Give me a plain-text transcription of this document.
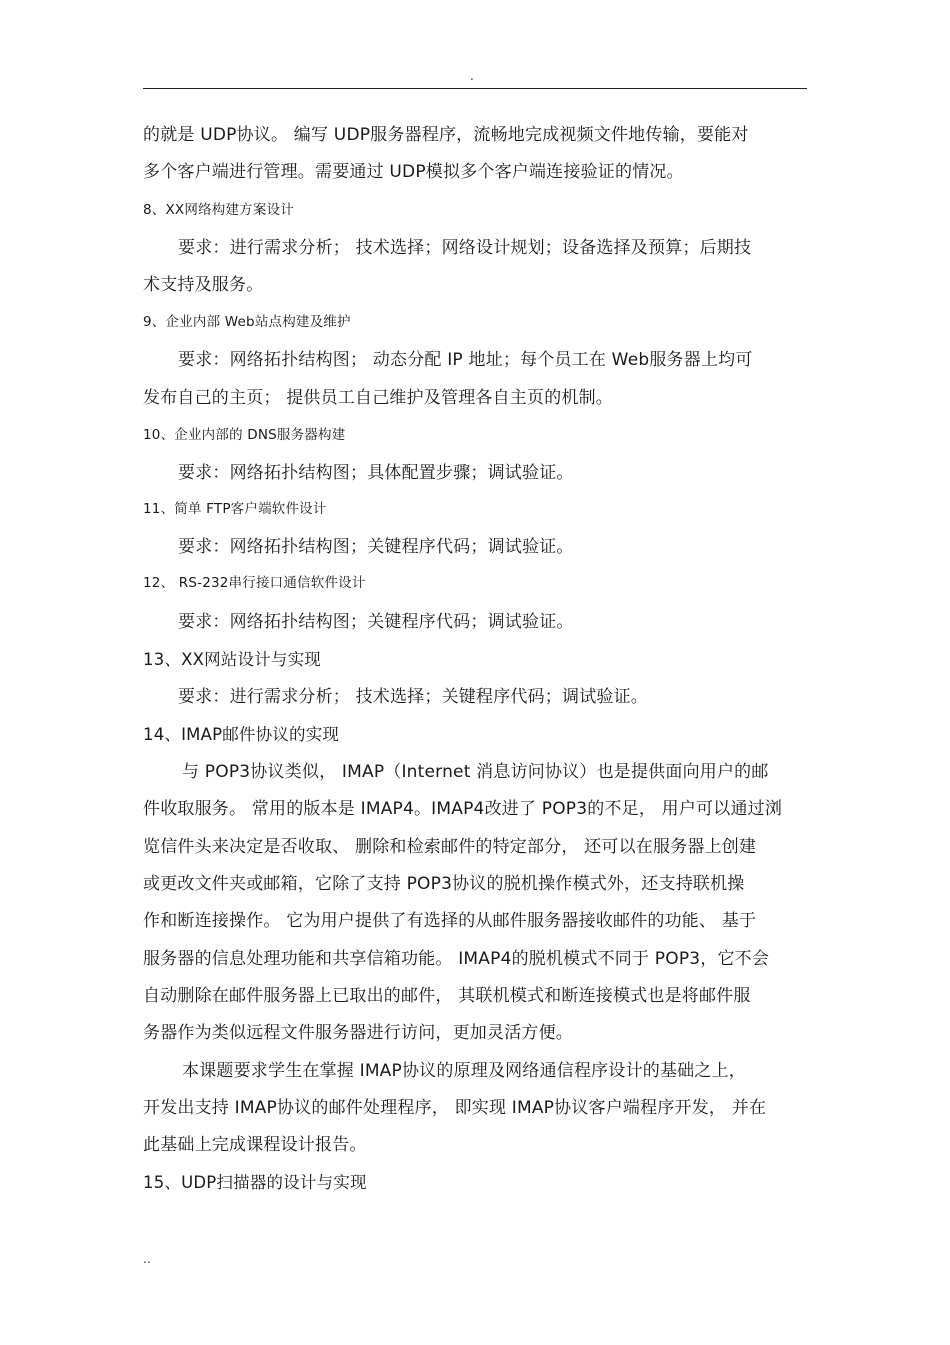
.
的就是 UDP协议。 编写 UDP服务器程序，流畅地完成视频文件地传输，要能对
多个客户端进行管理。需要通过 UDP模拟多个客户端连接验证的情况。
8、XX网络构建方案设计
要求：进行需求分析； 技术选择；网络设计规划；设备选择及预算；后期技
术支持及服务。
9、企业内部 Web站点构建及维护
要求：网络拓扑结构图； 动态分配 IP 地址；每个员工在 Web服务器上均可
发布自己的主页； 提供员工自己维护及管理各自主页的机制。
10、企业内部的 DNS服务器构建
要求：网络拓扑结构图；具体配置步骤；调试验证。
11、简单 FTP客户端软件设计
要求：网络拓扑结构图；关键程序代码；调试验证。
12、 RS-232串行接口通信软件设计
要求：网络拓扑结构图；关键程序代码；调试验证。
13、XX网站设计与实现
要求：进行需求分析； 技术选择；关键程序代码；调试验证。
14、IMAP邮件协议的实现
与 POP3协议类似， IMAP（Internet 消息访问协议）也是提供面向用户的邮
件收取服务。 常用的版本是 IMAP4。IMAP4改进了 POP3的不足， 用户可以通过浏
览信件头来决定是否收取、 删除和检索邮件的特定部分， 还可以在服务器上创建
或更改文件夹或邮箱，它除了支持 POP3协议的脱机操作模式外，还支持联机操
作和断连接操作。 它为用户提供了有选择的从邮件服务器接收邮件的功能、 基于
服务器的信息处理功能和共享信箱功能。 IMAP4的脱机模式不同于 POP3，它不会
自动删除在邮件服务器上已取出的邮件， 其联机模式和断连接模式也是将邮件服
务器作为类似远程文件服务器进行访问，更加灵活方便。
本课题要求学生在掌握 IMAP协议的原理及网络通信程序设计的基础之上，
开发出支持 IMAP协议的邮件处理程序， 即实现 IMAP协议客户端程序开发， 并在
此基础上完成课程设计报告。
15、UDP扫描器的设计与实现
..
